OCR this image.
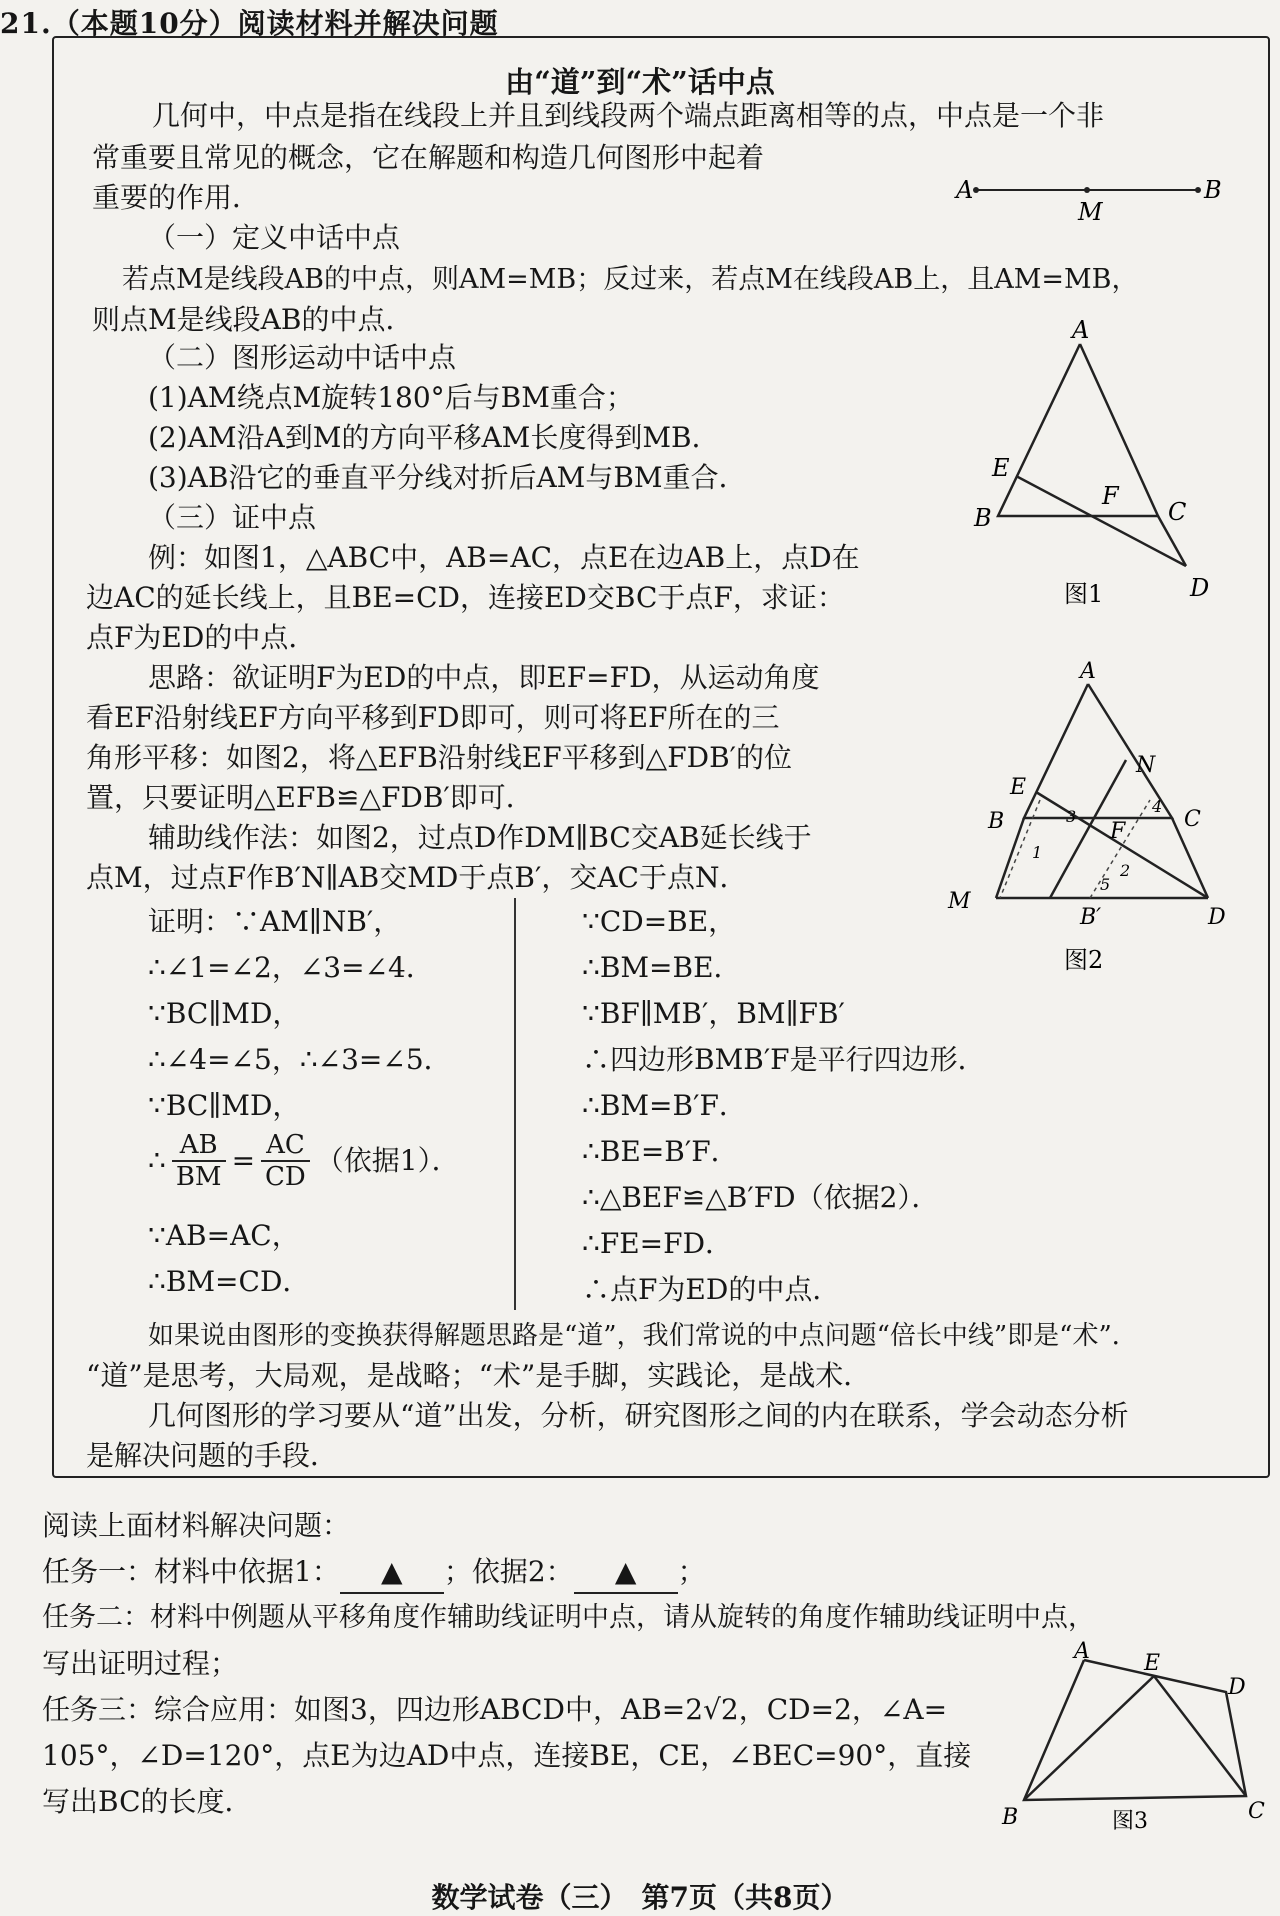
21.（本题10分）阅读材料并解决问题
由“道”到“术”话中点
几何中，中点是指在线段上并且到线段两个端点距离相等的点，中点是一个非
常重要且常见的概念，它在解题和构造几何图形中起着
重要的作用．
（一）定义中话中点
若点M是线段AB的中点，则AM=MB；反过来，若点M在线段AB上，且AM=MB，
则点M是线段AB的中点．
（二）图形运动中话中点
(1)AM绕点M旋转180°后与BM重合；
(2)AM沿A到M的方向平移AM长度得到MB．
(3)AB沿它的垂直平分线对折后AM与BM重合．
（三）证中点
例：如图1，△ABC中，AB=AC，点E在边AB上，点D在
边AC的延长线上，且BE=CD，连接ED交BC于点F，求证：
点F为ED的中点．
思路：欲证明F为ED的中点，即EF=FD，从运动角度
看EF沿射线EF方向平移到FD即可，则可将EF所在的三
角形平移：如图2，将△EFB沿射线EF平移到△FDB′的位
置，只要证明△EFB≌△FDB′即可．
辅助线作法：如图2，过点D作DM∥BC交AB延长线于
点M，过点F作B′N∥AB交MD于点B′，交AC于点N．
证明：∵AM∥NB′，
∴∠1=∠2，∠3=∠4．
∵BC∥MD，
∴∠4=∠5，∴∠3=∠5．
∵BC∥MD，
∴ $\frac{AB}{BM} = \frac{AC}{CD}$ （依据1）．
∵AB=AC，
∴BM=CD．
∵CD=BE，
∴BM=BE．
∵BF∥MB′，BM∥FB′
∴四边形BMB′F是平行四边形．
∴BM=B′F．
∴BE=B′F．
∴△BEF≌△B′FD（依据2）．
∴FE=FD．
∴点F为ED的中点．
如果说由图形的变换获得解题思路是“道”，我们常说的中点问题“倍长中线”即是“术”．
“道”是思考，大局观，是战略；“术”是手脚，实践论，是战术．
几何图形的学习要从“道”出发，分析，研究图形之间的内在联系，学会动态分析
是解决问题的手段．
阅读上面材料解决问题：
任务一：材料中依据1： ▲ ；依据2： ▲ ；
任务二：材料中例题从平移角度作辅助线证明中点，请从旋转的角度作辅助线证明中点，
写出证明过程；
任务三：综合应用：如图3，四边形ABCD中，AB=2√2，CD=2，∠A=
105°，∠D=120°，点E为边AD中点，连接BE，CE，∠BEC=90°，直接
写出BC的长度．
A
M
B
A
B	C
D
E
F
图1
M
A
B	C
D
E
F
B′
N
1
2
3
4
5
图2
A E
D
B	C
图3
数学试卷（三）　第7页（共8页）
